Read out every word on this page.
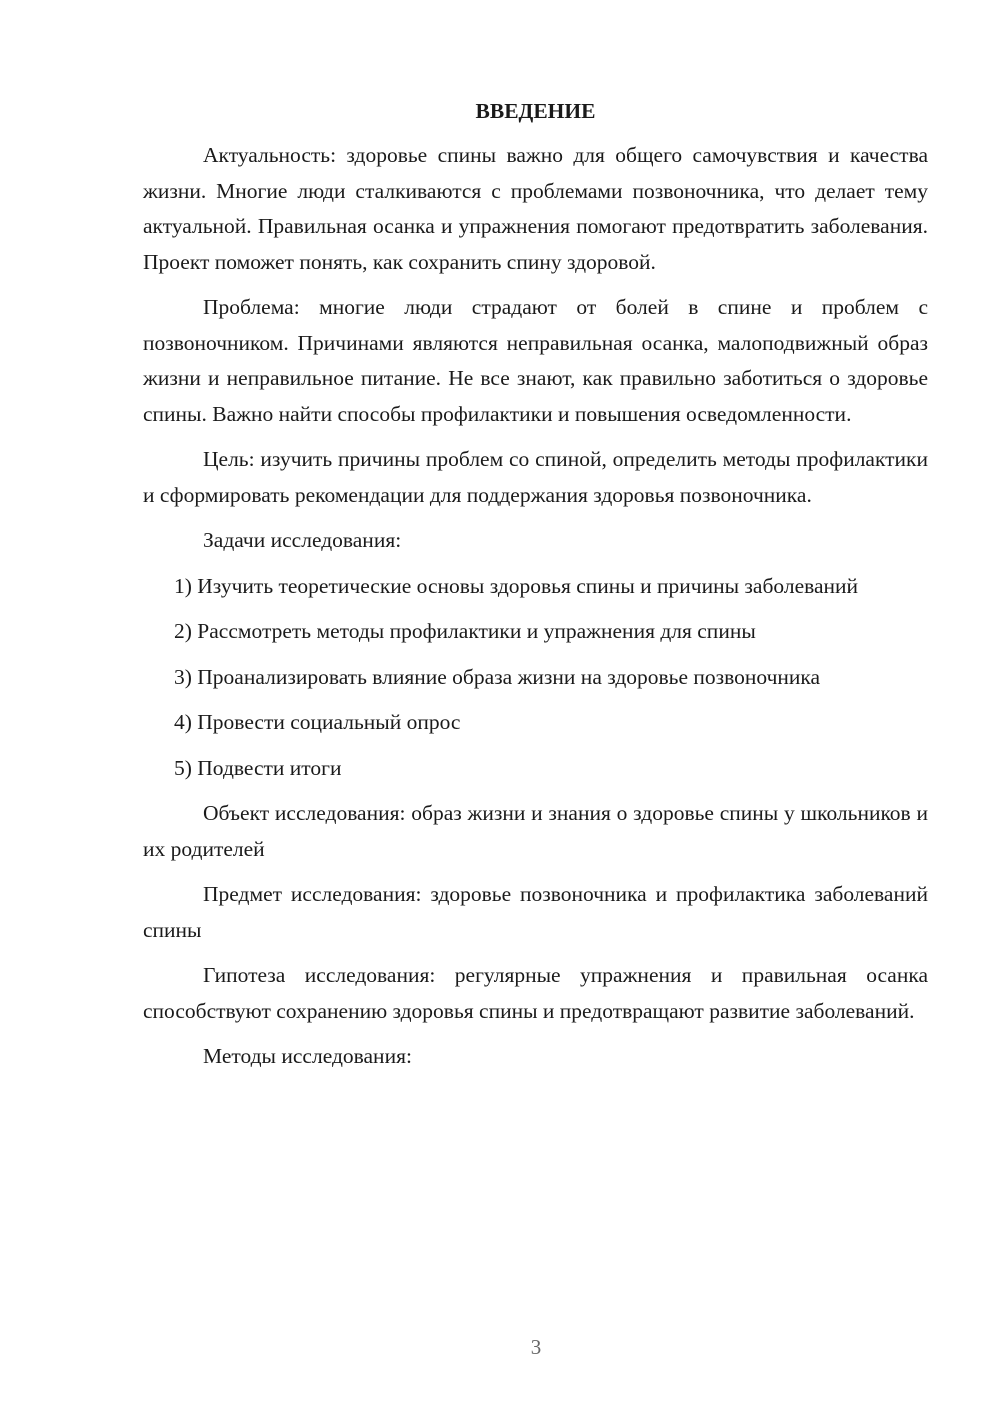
ВВЕДЕНИЕ

Актуальность: здоровье спины важно для общего самочувствия и качества жизни. Многие люди сталкиваются с проблемами позвоночника, что делает тему актуальной. Правильная осанка и упражнения помогают предотвратить заболевания. Проект поможет понять, как сохранить спину здоровой.

Проблема: многие люди страдают от болей в спине и проблем с позвоночником. Причинами являются неправильная осанка, малоподвижный образ жизни и неправильное питание. Не все знают, как правильно заботиться о здоровье спины. Важно найти способы профилактики и повышения осведомленности.

Цель: изучить причины проблем со спиной, определить методы профилактики и сформировать рекомендации для поддержания здоровья позвоночника.

Задачи исследования:

1) Изучить теоретические основы здоровья спины и причины заболеваний
2) Рассмотреть методы профилактики и упражнения для спины
3) Проанализировать влияние образа жизни на здоровье позвоночника
4) Провести социальный опрос
5) Подвести итоги

Объект исследования: образ жизни и знания о здоровье спины у школьников и их родителей

Предмет исследования: здоровье позвоночника и профилактика заболеваний спины

Гипотеза исследования: регулярные упражнения и правильная осанка способствуют сохранению здоровья спины и предотвращают развитие заболеваний.

Методы исследования:

3
